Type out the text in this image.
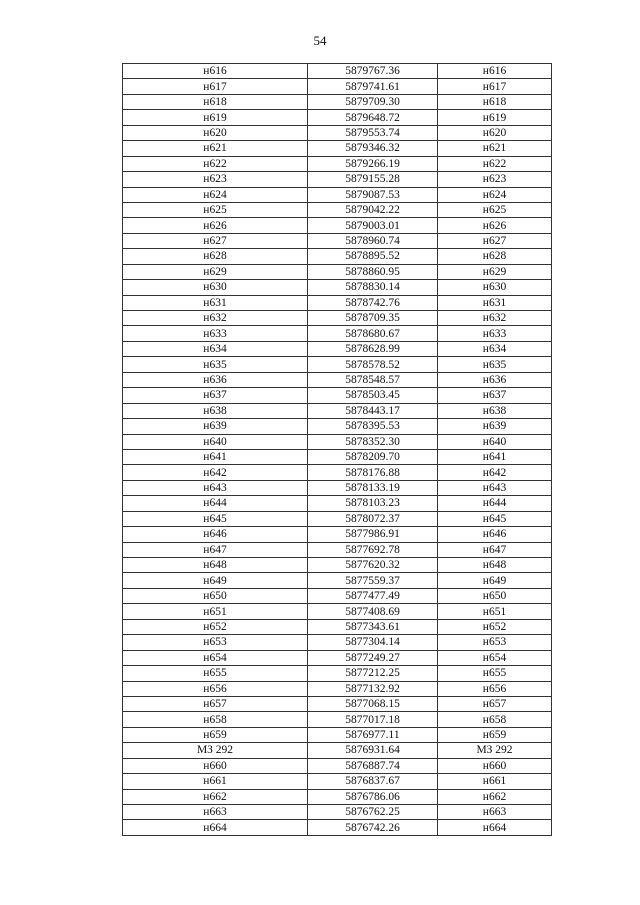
54
н616	5879767.36	н616
н617	5879741.61	н617
н618	5879709.30	н618
н619	5879648.72	н619
н620	5879553.74	н620
н621	5879346.32	н621
н622	5879266.19	н622
н623	5879155.28	н623
н624	5879087.53	н624
н625	5879042.22	н625
н626	5879003.01	н626
н627	5878960.74	н627
н628	5878895.52	н628
н629	5878860.95	н629
н630	5878830.14	н630
н631	5878742.76	н631
н632	5878709.35	н632
н633	5878680.67	н633
н634	5878628.99	н634
н635	5878578.52	н635
н636	5878548.57	н636
н637	5878503.45	н637
н638	5878443.17	н638
н639	5878395.53	н639
н640	5878352.30	н640
н641	5878209.70	н641
н642	5878176.88	н642
н643	5878133.19	н643
н644	5878103.23	н644
н645	5878072.37	н645
н646	5877986.91	н646
н647	5877692.78	н647
н648	5877620.32	н648
н649	5877559.37	н649
н650	5877477.49	н650
н651	5877408.69	н651
н652	5877343.61	н652
н653	5877304.14	н653
н654	5877249.27	н654
н655	5877212.25	н655
н656	5877132.92	н656
н657	5877068.15	н657
н658	5877017.18	н658
н659	5876977.11	н659
МЗ 292	5876931.64	МЗ 292
н660	5876887.74	н660
н661	5876837.67	н661
н662	5876786.06	н662
н663	5876762.25	н663
н664	5876742.26	н664
